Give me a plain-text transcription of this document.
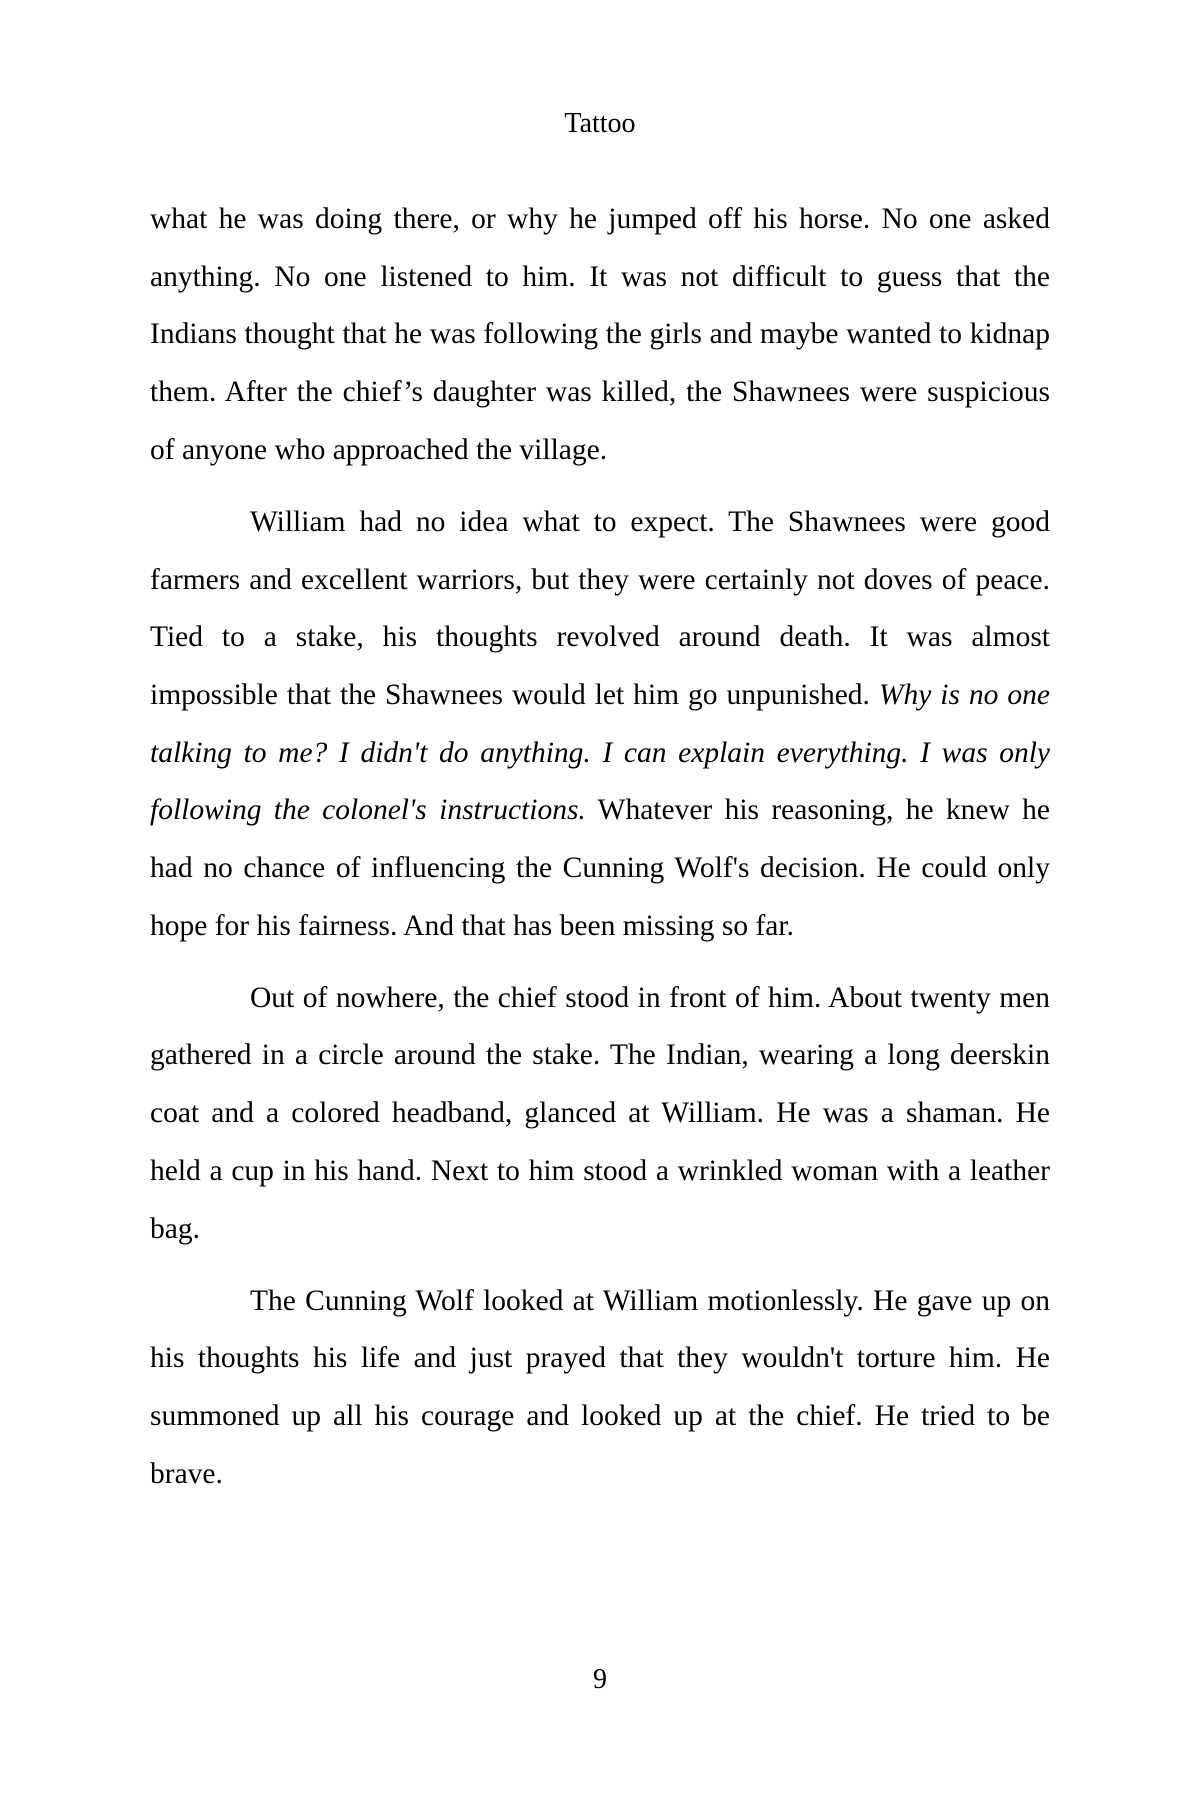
Tattoo

what he was doing there, or why he jumped off his horse. No one asked anything. No one listened to him. It was not difficult to guess that the Indians thought that he was following the girls and maybe wanted to kidnap them. After the chief’s daughter was killed, the Shawnees were suspicious of anyone who approached the village.

William had no idea what to expect. The Shawnees were good farmers and excellent warriors, but they were certainly not doves of peace. Tied to a stake, his thoughts revolved around death. It was almost impossible that the Shawnees would let him go unpunished. Why is no one talking to me? I didn't do anything. I can explain everything. I was only following the colonel's instructions. Whatever his reasoning, he knew he had no chance of influencing the Cunning Wolf's decision. He could only hope for his fairness. And that has been missing so far.

Out of nowhere, the chief stood in front of him. About twenty men gathered in a circle around the stake. The Indian, wearing a long deerskin coat and a colored headband, glanced at William. He was a shaman. He held a cup in his hand. Next to him stood a wrinkled woman with a leather bag.

The Cunning Wolf looked at William motionlessly. He gave up on his thoughts his life and just prayed that they wouldn't torture him. He summoned up all his courage and looked up at the chief. He tried to be brave.

9
